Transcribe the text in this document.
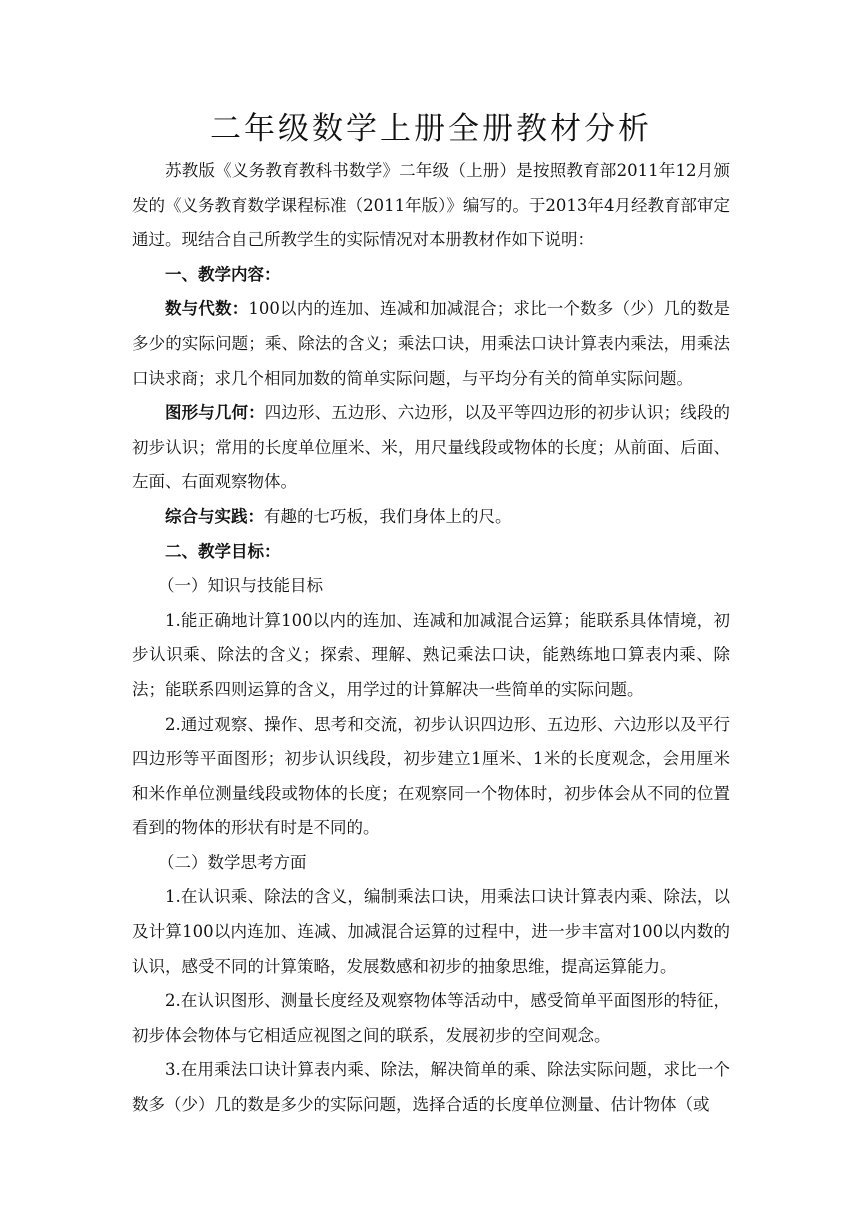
二年级数学上册全册教材分析

苏教版《义务教育教科书数学》二年级（上册）是按照教育部2011年12月颁发的《义务教育数学课程标准（2011年版）》编写的。于2013年4月经教育部审定通过。现结合自己所教学生的实际情况对本册教材作如下说明：

一、教学内容：

数与代数：100以内的连加、连减和加减混合；求比一个数多（少）几的数是多少的实际问题；乘、除法的含义；乘法口诀，用乘法口诀计算表内乘法，用乘法口诀求商；求几个相同加数的简单实际问题，与平均分有关的简单实际问题。

图形与几何：四边形、五边形、六边形，以及平等四边形的初步认识；线段的初步认识；常用的长度单位厘米、米，用尺量线段或物体的长度；从前面、后面、左面、右面观察物体。

综合与实践：有趣的七巧板，我们身体上的尺。

二、教学目标：

（一）知识与技能目标

1.能正确地计算100以内的连加、连减和加减混合运算；能联系具体情境，初步认识乘、除法的含义；探索、理解、熟记乘法口诀，能熟练地口算表内乘、除法；能联系四则运算的含义，用学过的计算解决一些简单的实际问题。

2.通过观察、操作、思考和交流，初步认识四边形、五边形、六边形以及平行四边形等平面图形；初步认识线段，初步建立1厘米、1米的长度观念，会用厘米和米作单位测量线段或物体的长度；在观察同一个物体时，初步体会从不同的位置看到的物体的形状有时是不同的。

（二）数学思考方面

1.在认识乘、除法的含义，编制乘法口诀，用乘法口诀计算表内乘、除法，以及计算100以内连加、连减、加减混合运算的过程中，进一步丰富对100以内数的认识，感受不同的计算策略，发展数感和初步的抽象思维，提高运算能力。

2.在认识图形、测量长度经及观察物体等活动中，感受简单平面图形的特征，初步体会物体与它相适应视图之间的联系，发展初步的空间观念。

3.在用乘法口诀计算表内乘、除法，解决简单的乘、除法实际问题，求比一个数多（少）几的数是多少的实际问题，选择合适的长度单位测量、估计物体（或
